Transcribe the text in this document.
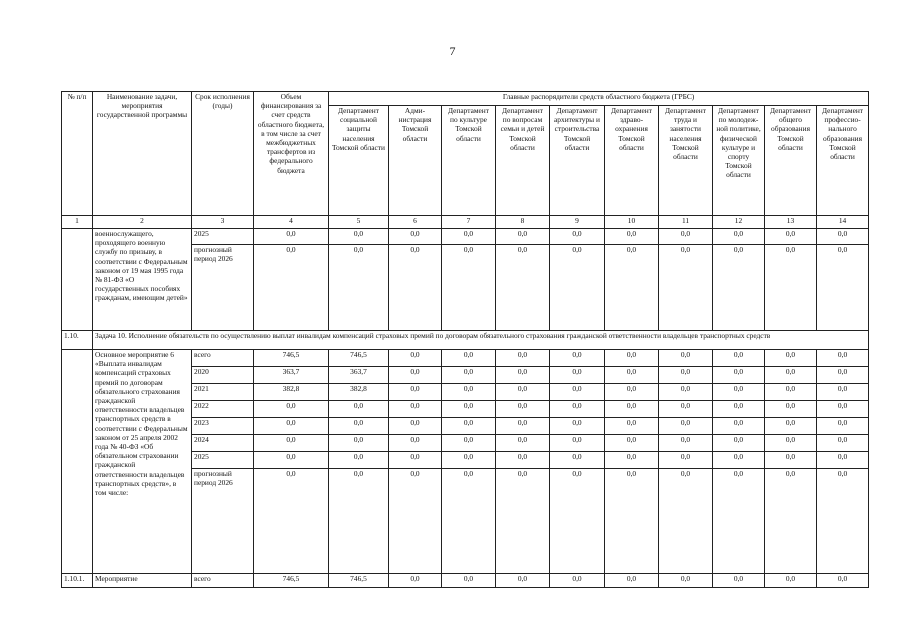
7
№ п/п	Наименование задачи, мероприятия государственной программы	Срок исполнения (годы)	Объем финансирования за счет средств областного бюджета, в том числе за счет межбюджетных трансфертов из федерального бюджета	Главные распорядители средств областного бюджета (ГРБС)									
				Департамент социальной защиты населения Томской области	Администрация Томской области	Департамент по культуре Томской области	Департамент по вопросам семьи и детей Томской области	Департамент архитектуры и строительства Томской области	Департамент здравоохранения Томской области	Департамент труда и занятости населения Томской области	Департамент по молодежной политике, физической культуре и спорту Томской области	Департамент общего образования Томской области	Департамент профессионального образования Томской области
1	2	3	4	5	6	7	8	9	10	11	12	13	14
	военнослужащего, проходящего военную службу по призыву, в соответствии с Федеральным законом от 19 мая 1995 года № 81-ФЗ «О государственных пособиях гражданам, имеющим детей»	2025	0,0	0,0	0,0	0,0	0,0	0,0	0,0	0,0	0,0	0,0	0,0
		прогнозный период 2026	0,0	0,0	0,0	0,0	0,0	0,0	0,0	0,0	0,0	0,0	0,0
1.10.	Задача 10. Исполнение обязательств по осуществлению выплат инвалидам компенсаций страховых премий по договорам обязательного страхования гражданской ответственности владельцев транспортных средств												
	Основное мероприятие 6 «Выплата инвалидам компенсаций страховых премий по договорам обязательного страхования гражданской ответственности владельцев транспортных средств в соответствии с Федеральным законом от 25 апреля 2002 года № 40-ФЗ «Об обязательном страховании гражданской ответственности владельцев транспортных средств», в том числе:	всего	746,5	746,5	0,0	0,0	0,0	0,0	0,0	0,0	0,0	0,0	0,0
		2020	363,7	363,7	0,0	0,0	0,0	0,0	0,0	0,0	0,0	0,0	0,0
		2021	382,8	382,8	0,0	0,0	0,0	0,0	0,0	0,0	0,0	0,0	0,0
		2022	0,0	0,0	0,0	0,0	0,0	0,0	0,0	0,0	0,0	0,0	0,0
		2023	0,0	0,0	0,0	0,0	0,0	0,0	0,0	0,0	0,0	0,0	0,0
		2024	0,0	0,0	0,0	0,0	0,0	0,0	0,0	0,0	0,0	0,0	0,0
		2025	0,0	0,0	0,0	0,0	0,0	0,0	0,0	0,0	0,0	0,0	0,0
		прогнозный период 2026	0,0	0,0	0,0	0,0	0,0	0,0	0,0	0,0	0,0	0,0	0,0
1.10.1.	Мероприятие	всего	746,5	746,5	0,0	0,0	0,0	0,0	0,0	0,0	0,0	0,0	0,0
